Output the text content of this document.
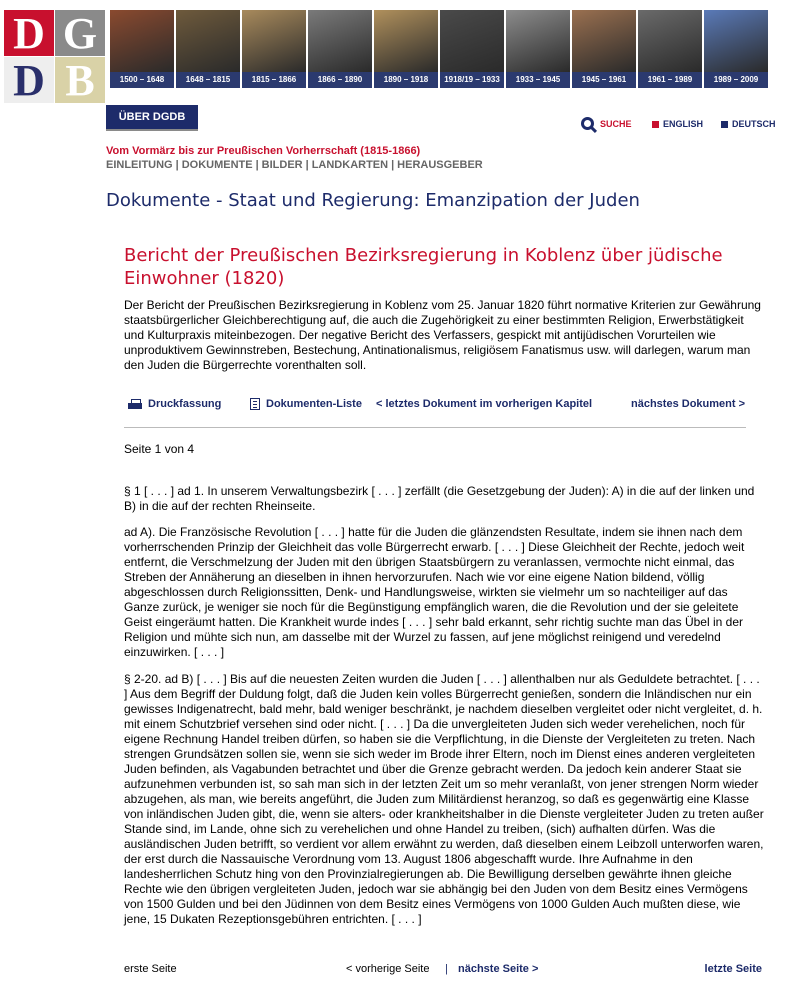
D G
D B	1500 – 1648	1648 – 1815	1815 – 1866	1866 – 1890	1890 – 1918	1918/19 – 1933	1933 – 1945	1945 – 1961	1961 – 1989	1989 – 2009
ÜBER DGDB
SUCHE	ENGLISH	DEUTSCH
Vom Vormärz bis zur Preußischen Vorherrschaft (1815-1866)
EINLEITUNG | DOKUMENTE | BILDER | LANDKARTEN | HERAUSGEBER
Dokumente - Staat und Regierung: Emanzipation der Juden
Bericht der Preußischen Bezirksregierung in Koblenz über jüdische Einwohner (1820)
Der Bericht der Preußischen Bezirksregierung in Koblenz vom 25. Januar 1820 führt normative Kriterien zur Gewährung staatsbürgerlicher Gleichberechtigung auf, die auch die Zugehörigkeit zu einer bestimmten Religion, Erwerbstätigkeit und Kulturpraxis miteinbezogen. Der negative Bericht des Verfassers, gespickt mit antijüdischen Vorurteilen wie unproduktivem Gewinnstreben, Bestechung, Antinationalismus, religiösem Fanatismus usw. will darlegen, warum man den Juden die Bürgerrechte vorenthalten soll.
Druckfassung	Dokumenten-Liste < letztes Dokument im vorherigen Kapitel	nächstes Dokument >
Seite 1 von 4
§ 1 [ . . . ] ad 1. In unserem Verwaltungsbezirk [ . . . ] zerfällt (die Gesetzgebung der Juden): A) in die auf der linken und B) in die auf der rechten Rheinseite.
ad A). Die Französische Revolution [ . . . ] hatte für die Juden die glänzendsten Resultate, indem sie ihnen nach dem vorherrschenden Prinzip der Gleichheit das volle Bürgerrecht erwarb. [ . . . ] Diese Gleichheit der Rechte, jedoch weit entfernt, die Verschmelzung der Juden mit den übrigen Staatsbürgern zu veranlassen, vermochte nicht einmal, das Streben der Annäherung an dieselben in ihnen hervorzurufen. Nach wie vor eine eigene Nation bildend, völlig abgeschlossen durch Religionssitten, Denk- und Handlungsweise, wirkten sie vielmehr um so nachteiliger auf das Ganze zurück, je weniger sie noch für die Begünstigung empfänglich waren, die die Revolution und der sie geleitete Geist eingeräumt hatten. Die Krankheit wurde indes [ . . . ] sehr bald erkannt, sehr richtig suchte man das Übel in der Religion und mühte sich nun, am dasselbe mit der Wurzel zu fassen, auf jene möglichst reinigend und veredelnd einzuwirken. [ . . . ]
§ 2-20. ad B) [ . . . ] Bis auf die neuesten Zeiten wurden die Juden [ . . . ] allenthalben nur als Geduldete betrachtet. [ . . . ] Aus dem Begriff der Duldung folgt, daß die Juden kein volles Bürgerrecht genießen, sondern die Inländischen nur ein gewisses Indigenatrecht, bald mehr, bald weniger beschränkt, je nachdem dieselben vergleitet oder nicht vergleitet, d. h. mit einem Schutzbrief versehen sind oder nicht. [ . . . ] Da die unvergleiteten Juden sich weder verehelichen, noch für eigene Rechnung Handel treiben dürfen, so haben sie die Verpflichtung, in die Dienste der Vergleiteten zu treten. Nach strengen Grundsätzen sollen sie, wenn sie sich weder im Brode ihrer Eltern, noch im Dienst eines anderen vergleiteten Juden befinden, als Vagabunden betrachtet und über die Grenze gebracht werden. Da jedoch kein anderer Staat sie aufzunehmen verbunden ist, so sah man sich in der letzten Zeit um so mehr veranlaßt, von jener strengen Norm wieder abzugehen, als man, wie bereits angeführt, die Juden zum Militärdienst heranzog, so daß es gegenwärtig eine Klasse von inländischen Juden gibt, die, wenn sie alters- oder krankheitshalber in die Dienste vergleiteter Juden zu treten außer Stande sind, im Lande, ohne sich zu verehelichen und ohne Handel zu treiben, (sich) aufhalten dürfen. Was die ausländischen Juden betrifft, so verdient vor allem erwähnt zu werden, daß dieselben einem Leibzoll unterworfen waren, der erst durch die Nassauische Verordnung vom 13. August 1806 abgeschafft wurde. Ihre Aufnahme in den landesherrlichen Schutz hing von den Provinzialregierungen ab. Die Bewilligung derselben gewährte ihnen gleiche Rechte wie den übrigen vergleiteten Juden, jedoch war sie abhängig bei den Juden von dem Besitz eines Vermögens von 1500 Gulden und bei den Jüdinnen von dem Besitz eines Vermögens von 1000 Gulden Auch mußten diese, wie jene, 15 Dukaten Rezeptionsgebühren entrichten. [ . . . ]
erste Seite	< vorherige Seite | nächste Seite >	letzte Seite
